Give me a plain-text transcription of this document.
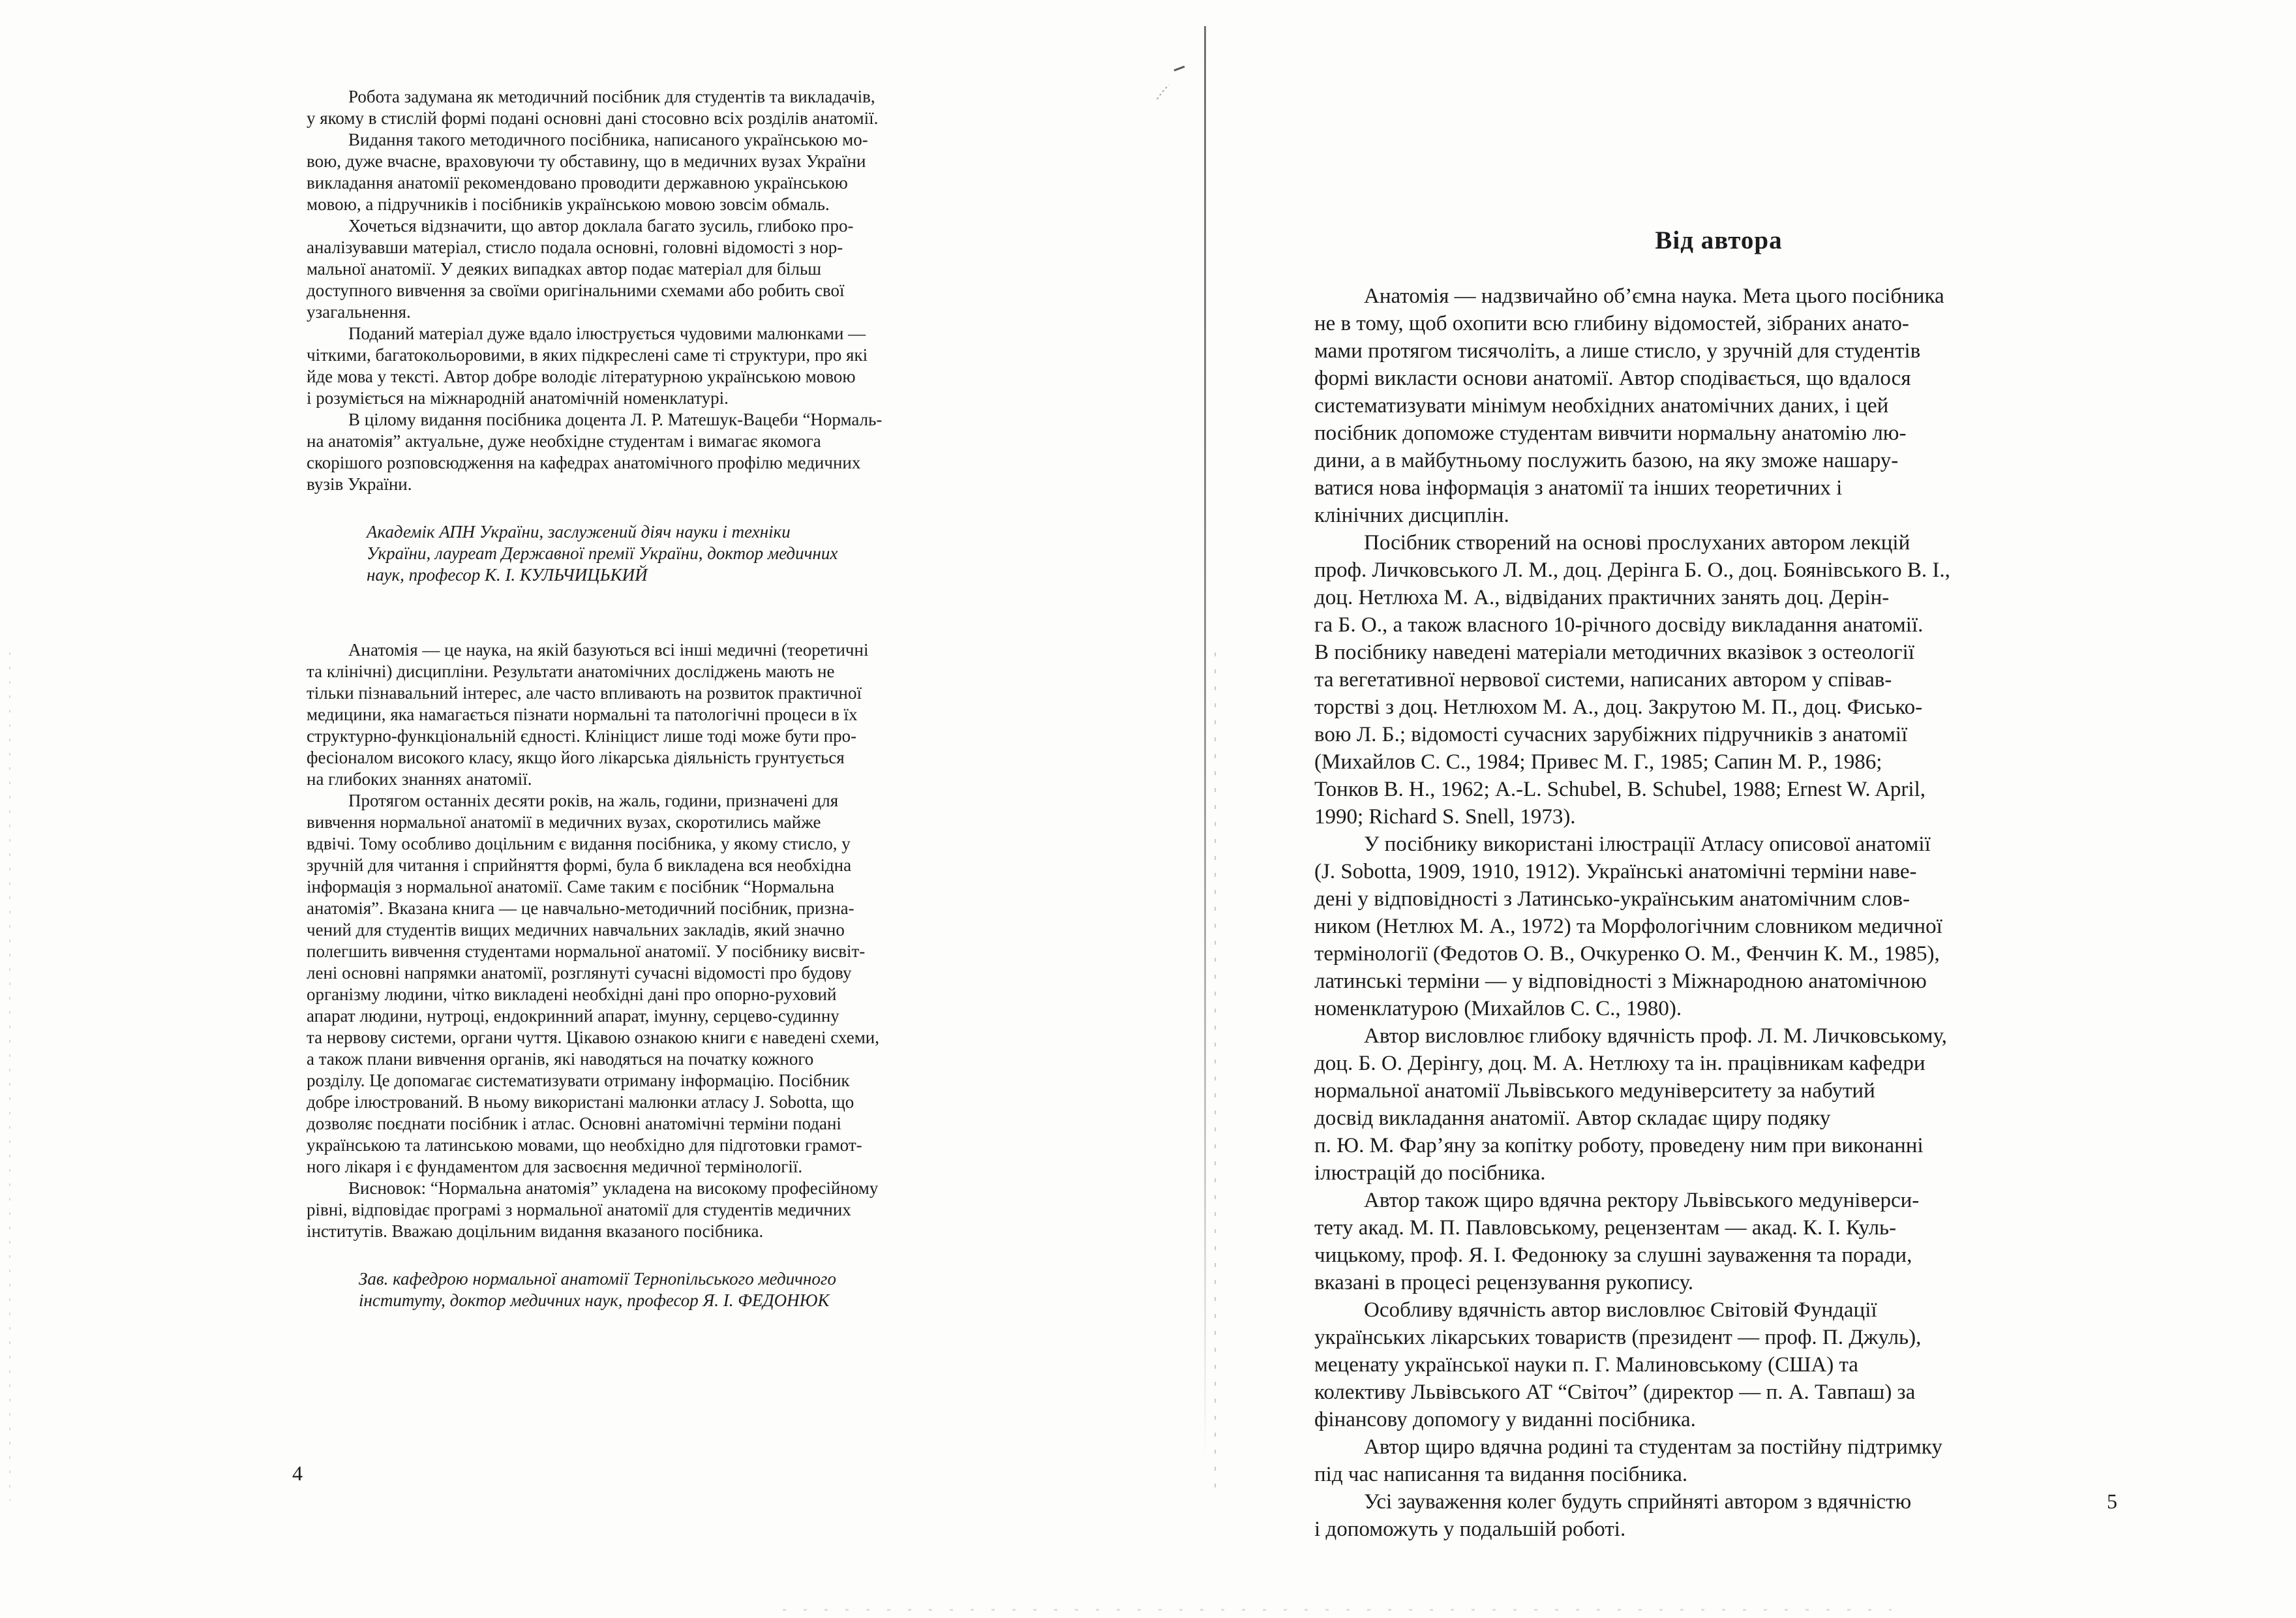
Робота задумана як методичний посібник для студентів та викладачів,
у якому в стислій формі подані основні дані стосовно всіх розділів анатомії.

Видання такого методичного посібника, написаного українською мо-
вою, дуже вчасне, враховуючи ту обставину, що в медичних вузах України
викладання анатомії рекомендовано проводити державною українською
мовою, а підручників і посібників українською мовою зовсім обмаль.

Хочеться відзначити, що автор доклала багато зусиль, глибоко про-
аналізувавши матеріал, стисло подала основні, головні відомості з нор-
мальної анатомії. У деяких випадках автор подає матеріал для більш
доступного вивчення за своїми оригінальними схемами або робить свої
узагальнення.

Поданий матеріал дуже вдало ілюструється чудовими малюнками —
чіткими, багатокольоровими, в яких підкреслені саме ті структури, про які
йде мова у тексті. Автор добре володіє літературною українською мовою
і розуміється на міжнародній анатомічній номенклатурі.

В цілому видання посібника доцента Л. Р. Матешук-Вацеби “Нормаль-
на анатомія” актуальне, дуже необхідне студентам і вимагає якомога
скорішого розповсюдження на кафедрах анатомічного профілю медичних
вузів України.

Академік АПН України, заслужений діяч науки і техніки
України, лауреат Державної премії України, доктор медичних
наук, професор К. І. КУЛЬЧИЦЬКИЙ

Анатомія — це наука, на якій базуються всі інші медичні (теоретичні
та клінічні) дисципліни. Результати анатомічних досліджень мають не
тільки пізнавальний інтерес, але часто впливають на розвиток практичної
медицини, яка намагається пізнати нормальні та патологічні процеси в їх
структурно-функціональній єдності. Клініцист лише тоді може бути про-
фесіоналом високого класу, якщо його лікарська діяльність грунтується
на глибоких знаннях анатомії.

Протягом останніх десяти років, на жаль, години, призначені для
вивчення нормальної анатомії в медичних вузах, скоротились майже
вдвічі. Тому особливо доцільним є видання посібника, у якому стисло, у
зручній для читання і сприйняття формі, була б викладена вся необхідна
інформація з нормальної анатомії. Саме таким є посібник “Нормальна
анатомія”. Вказана книга — це навчально-методичний посібник, призна-
чений для студентів вищих медичних навчальних закладів, який значно
полегшить вивчення студентами нормальної анатомії. У посібнику висвіт-
лені основні напрямки анатомії, розглянуті сучасні відомості про будову
організму людини, чітко викладені необхідні дані про опорно-руховий
апарат людини, нутроці, ендокринний апарат, імунну, серцево-судинну
та нервову системи, органи чуття. Цікавою ознакою книги є наведені схеми,
а також плани вивчення органів, які наводяться на початку кожного
розділу. Це допомагає систематизувати отриману інформацію. Посібник
добре ілюстрований. В ньому використані малюнки атласу J. Sobotta, що
дозволяє поєднати посібник і атлас. Основні анатомічні терміни подані
українською та латинською мовами, що необхідно для підготовки грамот-
ного лікаря і є фундаментом для засвоєння медичної термінології.

Висновок: “Нормальна анатомія” укладена на високому професійному
рівні, відповідає програмі з нормальної анатомії для студентів медичних
інститутів. Вважаю доцільним видання вказаного посібника.

Зав. кафедрою нормальної анатомії Тернопільського медичного
інституту, доктор медичних наук, професор Я. І. ФЕДОНЮК

4
Від автора

Анатомія — надзвичайно об’ємна наука. Мета цього посібника
не в тому, щоб охопити всю глибину відомостей, зібраних анато-
мами протягом тисячоліть, а лише стисло, у зручній для студентів
формі викласти основи анатомії. Автор сподівається, що вдалося
систематизувати мінімум необхідних анатомічних даних, і цей
посібник допоможе студентам вивчити нормальну анатомію лю-
дини, а в майбутньому послужить базою, на яку зможе нашару-
ватися нова інформація з анатомії та інших теоретичних і
клінічних дисциплін.

Посібник створений на основі прослуханих автором лекцій
проф. Личковського Л. М., доц. Дерінга Б. О., доц. Боянівського В. І.,
доц. Нетлюха М. А., відвіданих практичних занять доц. Дерін-
га Б. О., а також власного 10-річного досвіду викладання анатомії.
В посібнику наведені матеріали методичних вказівок з остеології
та вегетативної нервової системи, написаних автором у співав-
торстві з доц. Нетлюхом М. А., доц. Закрутою М. П., доц. Фисько-
вою Л. Б.; відомості сучасних зарубіжних підручників з анатомії
(Михайлов С. С., 1984; Привес М. Г., 1985; Сапин М. Р., 1986;
Тонков В. Н., 1962; A.-L. Schubel, B. Schubel, 1988; Ernest W. April,
1990; Richard S. Snell, 1973).

У посібнику використані ілюстрації Атласу описової анатомії
(J. Sobotta, 1909, 1910, 1912). Українські анатомічні терміни наве-
дені у відповідності з Латинсько-українським анатомічним слов-
ником (Нетлюх М. А., 1972) та Морфологічним словником медичної
термінології (Федотов О. В., Очкуренко О. М., Фенчин К. М., 1985),
латинські терміни — у відповідності з Міжнародною анатомічною
номенклатурою (Михайлов С. С., 1980).

Автор висловлює глибоку вдячність проф. Л. М. Личковському,
доц. Б. О. Дерінгу, доц. М. А. Нетлюху та ін. працівникам кафедри
нормальної анатомії Львівського медуніверситету за набутий
досвід викладання анатомії. Автор складає щиру подяку
п. Ю. М. Фар’яну за копітку роботу, проведену ним при виконанні
ілюстрацій до посібника.

Автор також щиро вдячна ректору Львівського медуніверси-
тету акад. М. П. Павловському, рецензентам — акад. К. І. Куль-
чицькому, проф. Я. І. Федонюку за слушні зауваження та поради,
вказані в процесі рецензування рукопису.

Особливу вдячність автор висловлює Світовій Фундації
українських лікарських товариств (президент — проф. П. Джуль),
меценату української науки п. Г. Малиновському (США) та
колективу Львівського АТ “Світоч” (директор — п. А. Тавпаш) за
фінансову допомогу у виданні посібника.

Автор щиро вдячна родині та студентам за постійну підтримку
під час написання та видання посібника.

Усі зауваження колег будуть сприйняті автором з вдячністю
і допоможуть у подальшій роботі.

5
